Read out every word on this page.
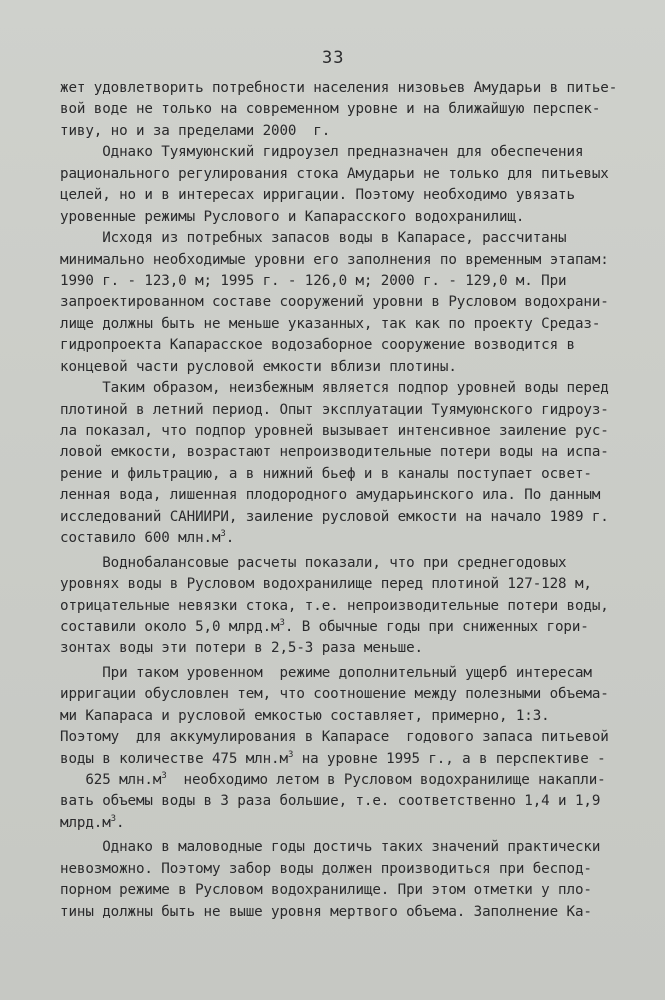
33
жет удовлетворить потребности населения низовьев Амударьи в питье-
вой воде не только на современном уровне и на ближайшую перспек-
тиву, но и за пределами 2000  г.
Однако Туямуюнский гидроузел предназначен для обеспечения
рационального регулирования стока Амударьи не только для питьевых
целей, но и в интересах ирригации. Поэтому необходимо увязать
уровенные режимы Руслового и Капарасского водохранилищ.
Исходя из потребных запасов воды в Капарасе, рассчитаны
минимально необходимые уровни его заполнения по временным этапам:
1990 г. - 123,0 м; 1995 г. - 126,0 м; 2000 г. - 129,0 м. При
запроектированном составе сооружений уровни в Русловом водохрани-
лище должны быть не меньше указанных, так как по проекту Средаз-
гидропроекта Капарасское водозаборное сооружение возводится в
концевой части русловой емкости вблизи плотины.
Таким образом, неизбежным является подпор уровней воды перед
плотиной в летний период. Опыт эксплуатации Туямуюнского гидроуз-
ла показал, что подпор уровней вызывает интенсивное заиление рус-
ловой емкости, возрастают непроизводительные потери воды на испа-
рение и фильтрацию, а в нижний бьеф и в каналы поступает освет-
ленная вода, лишенная плодородного амударьинского ила. По данным
исследований САНИИРИ, заиление русловой емкости на начало 1989 г.
составило 600 $млн.м^3$.
Воднобалансовые расчеты показали, что при среднегодовых
уровнях воды в Русловом водохранилище перед плотиной 127-128 м,
отрицательные невязки стока, т.е. непроизводительные потери воды,
составили около 5,0 $млрд.м^3$. В обычные годы при сниженных гори-
зонтах воды эти потери в 2,5-3 раза меньше.
При таком уровенном  режиме дополнительный ущерб интересам
ирригации обусловлен тем, что соотношение между полезными объема-
ми Капараса и русловой емкостью составляет, примерно, 1:3.
Поэтому  для аккумулирования в Капарасе  годового запаса питьевой
воды в количестве 475 $млн.м^3$ на уровне 1995 г., а в перспективе -
625 $млн.м^3$  необходимо летом в Русловом водохранилище накапли-
вать объемы воды в 3 раза большие, т.е. соответственно 1,4 и 1,9
$млрд.м^3$.
Однако в маловодные годы достичь таких значений практически
невозможно. Поэтому забор воды должен производиться при беспод-
порном режиме в Русловом водохранилище. При этом отметки у пло-
тины должны быть не выше уровня мертвого объема. Заполнение Ка-
